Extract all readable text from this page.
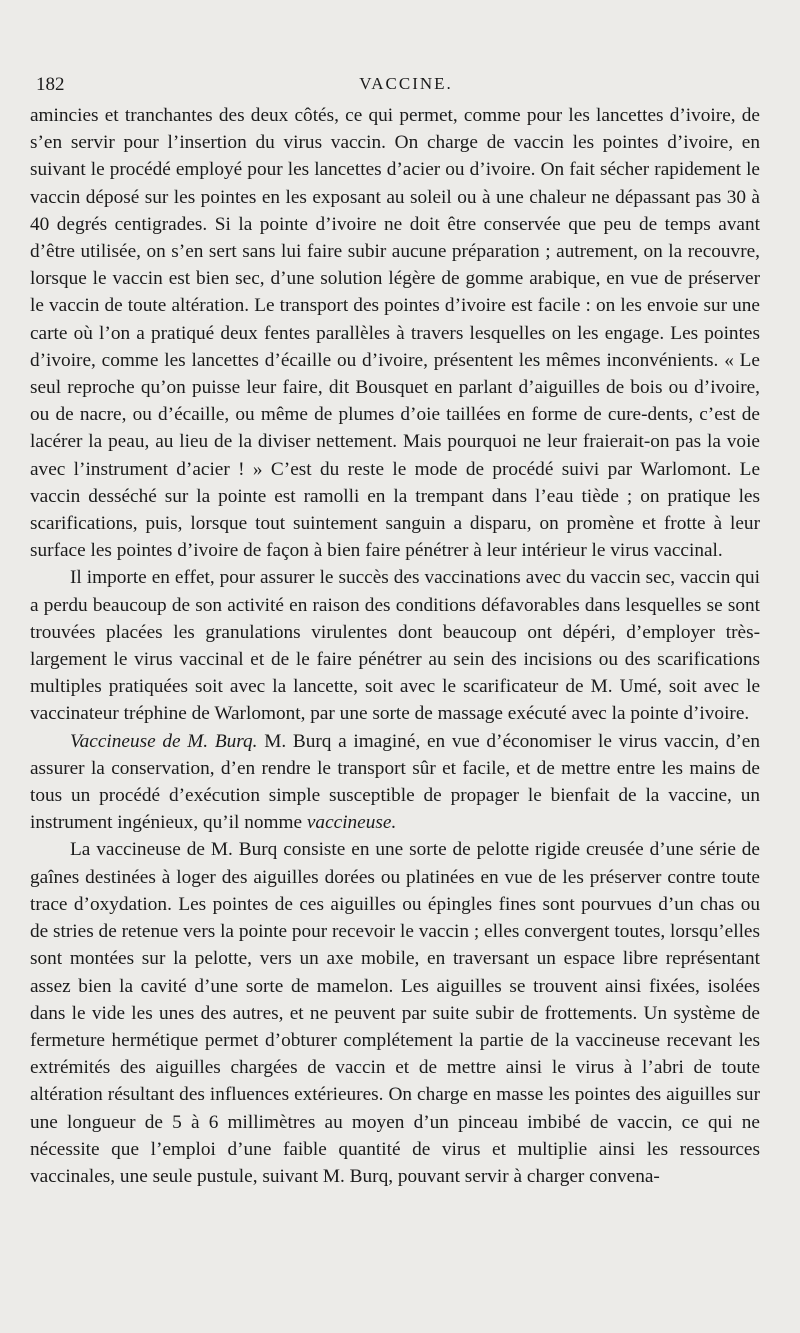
182	VACCINE.

amincies et tranchantes des deux côtés, ce qui permet, comme pour les lancettes d’ivoire, de s’en servir pour l’insertion du virus vaccin. On charge de vaccin les pointes d’ivoire, en suivant le procédé employé pour les lancettes d’acier ou d’ivoire. On fait sécher rapidement le vaccin déposé sur les pointes en les exposant au soleil ou à une chaleur ne dépassant pas 30 à 40 degrés centigrades. Si la pointe d’ivoire ne doit être conservée que peu de temps avant d’être utilisée, on s’en sert sans lui faire subir aucune préparation ; autrement, on la recouvre, lorsque le vaccin est bien sec, d’une solution légère de gomme arabique, en vue de préserver le vaccin de toute altération. Le transport des pointes d’ivoire est facile : on les envoie sur une carte où l’on a pratiqué deux fentes parallèles à travers lesquelles on les engage. Les pointes d’ivoire, comme les lancettes d’écaille ou d’ivoire, présentent les mêmes inconvénients. « Le seul reproche qu’on puisse leur faire, dit Bousquet en parlant d’aiguilles de bois ou d’ivoire, ou de nacre, ou d’écaille, ou même de plumes d’oie taillées en forme de cure-dents, c’est de lacérer la peau, au lieu de la diviser nettement. Mais pourquoi ne leur fraierait-on pas la voie avec l’instrument d’acier ! » C’est du reste le mode de procédé suivi par Warlomont. Le vaccin desséché sur la pointe est ramolli en la trempant dans l’eau tiède ; on pratique les scarifications, puis, lorsque tout suintement sanguin a disparu, on promène et frotte à leur surface les pointes d’ivoire de façon à bien faire pénétrer à leur intérieur le virus vaccinal.

Il importe en effet, pour assurer le succès des vaccinations avec du vaccin sec, vaccin qui a perdu beaucoup de son activité en raison des conditions défavorables dans lesquelles se sont trouvées placées les granulations virulentes dont beaucoup ont dépéri, d’employer très-largement le virus vaccinal et de le faire pénétrer au sein des incisions ou des scarifications multiples pratiquées soit avec la lancette, soit avec le scarificateur de M. Umé, soit avec le vaccinateur tréphine de Warlomont, par une sorte de massage exécuté avec la pointe d’ivoire.

Vaccineuse de M. Burq. M. Burq a imaginé, en vue d’économiser le virus vaccin, d’en assurer la conservation, d’en rendre le transport sûr et facile, et de mettre entre les mains de tous un procédé d’exécution simple susceptible de propager le bienfait de la vaccine, un instrument ingénieux, qu’il nomme vaccineuse.

La vaccineuse de M. Burq consiste en une sorte de pelotte rigide creusée d’une série de gaînes destinées à loger des aiguilles dorées ou platinées en vue de les préserver contre toute trace d’oxydation. Les pointes de ces aiguilles ou épingles fines sont pourvues d’un chas ou de stries de retenue vers la pointe pour recevoir le vaccin ; elles convergent toutes, lorsqu’elles sont montées sur la pelotte, vers un axe mobile, en traversant un espace libre représentant assez bien la cavité d’une sorte de mamelon. Les aiguilles se trouvent ainsi fixées, isolées dans le vide les unes des autres, et ne peuvent par suite subir de frottements. Un système de fermeture hermétique permet d’obturer complétement la partie de la vaccineuse recevant les extrémités des aiguilles chargées de vaccin et de mettre ainsi le virus à l’abri de toute altération résultant des influences extérieures. On charge en masse les pointes des aiguilles sur une longueur de 5 à 6 millimètres au moyen d’un pinceau imbibé de vaccin, ce qui ne nécessite que l’emploi d’une faible quantité de virus et multiplie ainsi les ressources vaccinales, une seule pustule, suivant M. Burq, pouvant servir à charger convena-
